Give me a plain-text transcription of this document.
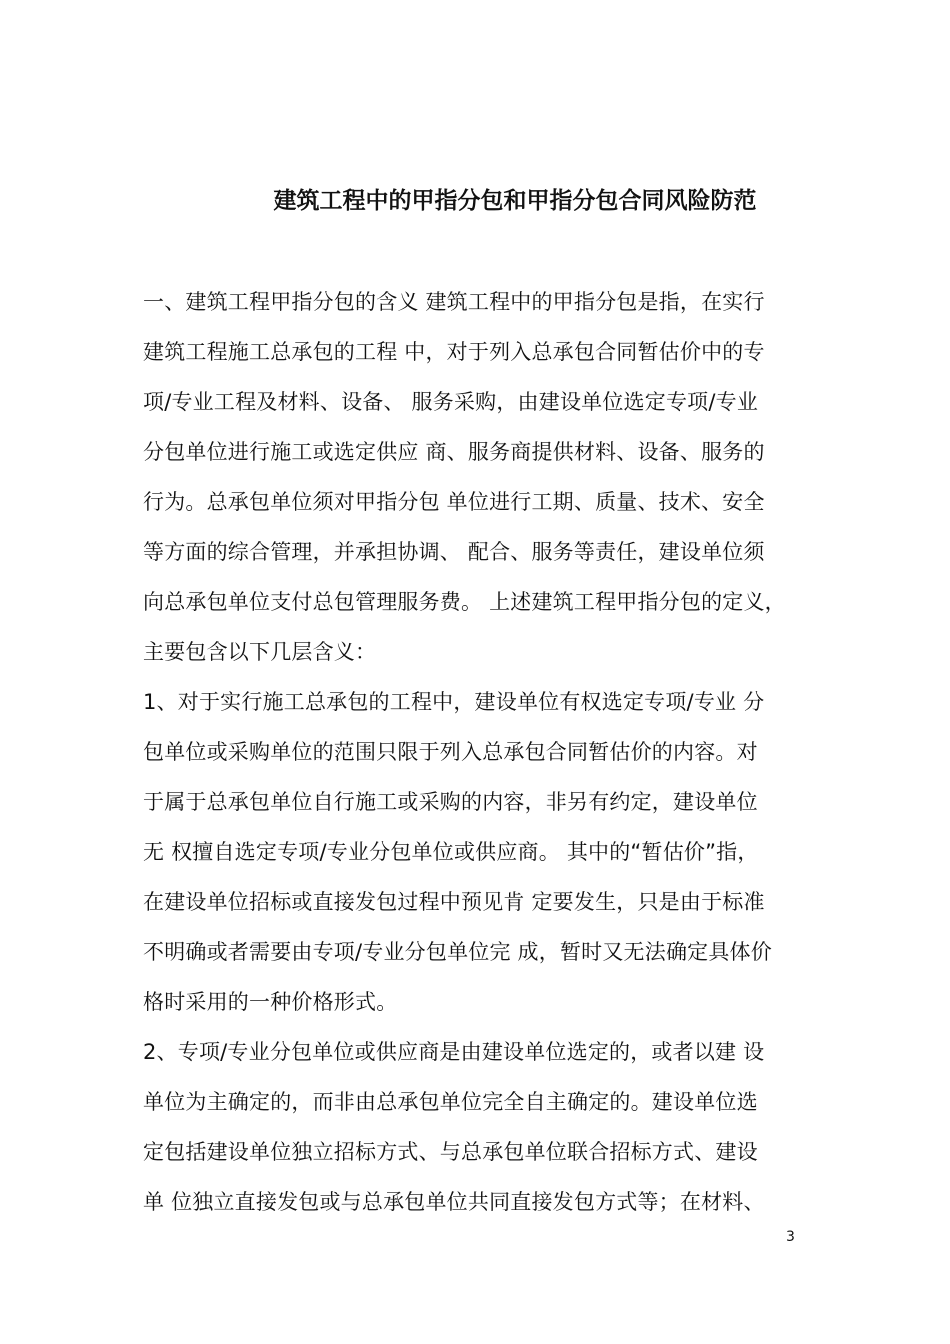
建筑工程中的甲指分包和甲指分包合同风险防范
一、建筑工程甲指分包的含义 建筑工程中的甲指分包是指，在实行
建筑工程施工总承包的工程 中，对于列入总承包合同暂估价中的专
项/专业工程及材料、设备、 服务采购，由建设单位选定专项/专业
分包单位进行施工或选定供应 商、服务商提供材料、设备、服务的
行为。总承包单位须对甲指分包 单位进行工期、质量、技术、安全
等方面的综合管理，并承担协调、 配合、服务等责任，建设单位须
向总承包单位支付总包管理服务费。 上述建筑工程甲指分包的定义，
主要包含以下几层含义：
1、对于实行施工总承包的工程中，建设单位有权选定专项/专业 分
包单位或采购单位的范围只限于列入总承包合同暂估价的内容。对
于属于总承包单位自行施工或采购的内容，非另有约定，建设单位
无 权擅自选定专项/专业分包单位或供应商。 其中的“暂估价”指，
在建设单位招标或直接发包过程中预见肯 定要发生，只是由于标准
不明确或者需要由专项/专业分包单位完 成，暂时又无法确定具体价
格时采用的一种价格形式。
2、专项/专业分包单位或供应商是由建设单位选定的，或者以建 设
单位为主确定的，而非由总承包单位完全自主确定的。建设单位选
定包括建设单位独立招标方式、与总承包单位联合招标方式、建设
单 位独立直接发包或与总承包单位共同直接发包方式等；在材料、
3
